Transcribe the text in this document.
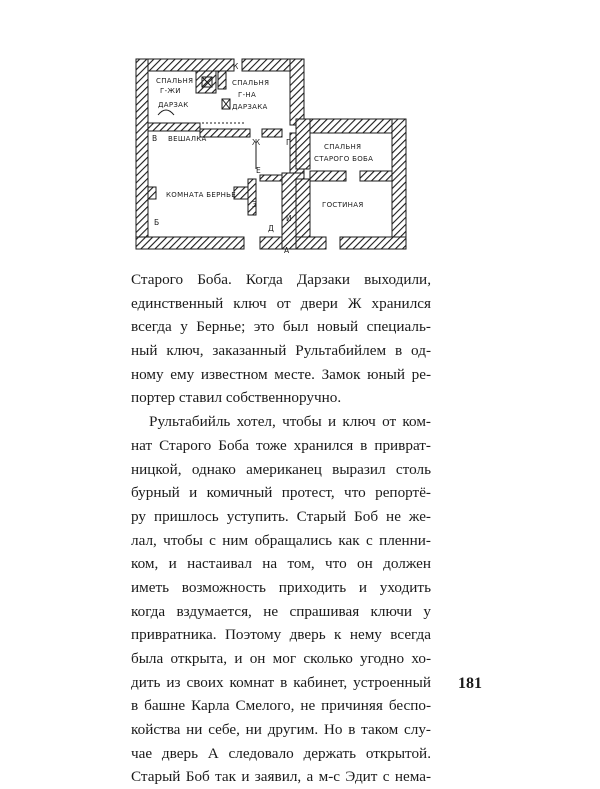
СПАЛЬНЯ
Г-ЖИ
ДАРЗАК
СПАЛЬНЯ
Г-НА
ДАРЗАКА
ВЕШАЛКА
СПАЛЬНЯ
СТАРОГО БОБА
КОМНАТА БЕРНЬЕ
ГОСТИНАЯ
К
В	Г
Ж
Е
Б
З
Д
И
А
Старого Боба. Когда Дарзаки выходили,
единственный ключ от двери Ж хранился
всегда у Бернье; это был новый специаль-
ный ключ, заказанный Рультабийлем в од-
ному ему известном месте. Замок юный ре-
портер ставил собственноручно.
Рультабийль хотел, чтобы и ключ от ком-
нат Старого Боба тоже хранился в приврат-
ницкой, однако американец выразил столь
бурный и комичный протест, что репортё-
ру пришлось уступить. Старый Боб не же-
лал, чтобы с ним обращались как с пленни-
ком, и настаивал на том, что он должен
иметь возможность приходить и уходить
когда вздумается, не спрашивая ключи у
привратника. Поэтому дверь к нему всегда
была открыта, и он мог сколько угодно хо-
дить из своих комнат в кабинет, устроенный
в башне Карла Смелого, не причиняя беспо-
койства ни себе, ни другим. Но в таком слу-
чае дверь А следовало держать открытой.
Старый Боб так и заявил, а м-с Эдит с нема-
181
